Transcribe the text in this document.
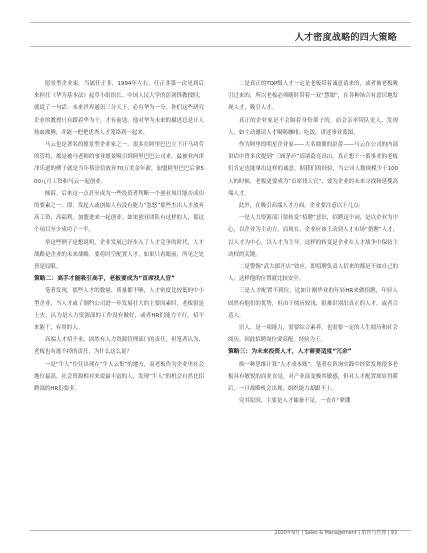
人才密度战略的四大策略

愿景型企业家。当属任正非，1994年左右，任正非第一次见到后来担任《华为基本法》起草小组组长、中国人民大学的彭剑锋教授时，就说了一句话：未来世界通讯三分天下，必有华为一分。你们这些研究企业的教授只有跟着华为干，才有前途。他对华为未来的描述总是让人热血沸腾，并能一把把优秀人才笼络到一起来。

马云也是著名的愿景型企业家之一。很多在阿里巴巴立下汗马功劳的管将，都是被马老师的事业愿景吸引到阿里巴巴公司来。最被业内津津乐道的例子就是当年蔡崇信放弃70万美金年薪，加盟阿里巴巴后拿500元月工资和马云一起创业。

倾诉。后来这一点甚至成为一些投资者判断一个创业项目能否成功的要素之一。即，发起人或创始人有没有能力“忽悠”那些杰出人才放弃高工资、高福利，加盟进来一起创业。如果创业团队有这样的人，那这个项目至少成功了一半。

举这些例子是想说明，企业发展已经步入了人才竞争的时代，人才战略是企业的未来战略，要将时空配置人才，如果只看眼前，所见之处皆是局限。

策略二：高手才能吸引高手，老板要成为“首席找人官”

笔者发现，那些人才的数量、质量都不够，人才密度比较低的中小型企业，当人才或了制约公司进一步发展壮大的主要因素时，老板很是上火，认为是人力资源部的工作没有做好，或者HR们能力不行，招不来能干、有用的人。

高端人才招不来，固然有人力资源管理部门的责任，但笔者认为，老板也有逃不掉的责任，为什么这么说？

一是“牛人”往往出现在“牛人云集”的地方，而老板作为企业里社会地位最高、社会资源相对来说最丰富的人，发现“牛人”的机会自然比招聘部的HR们要多。

二是真正的TOP级人才一定是老板带着诚意请来的，或者被老板吸引过来的，所以老板必须随时带着一双“慧眼”，在各种场合有意识地发现人才，吸引人才。

真正的企业家是不会隔着身份架子的，而会亲率带队见人、发现人，如主动邀请人才喝喝咖啡、吃饭，讲述事业蓝图。

作为阿里的明星企业家——大名鼎鼎的彭蕾——马云在公司的内部讲话中曾多次提到“三顾茅庐”请诸葛亮出山，真正想干一番事业的老板们肯定也能拿出这样的诚意。据我们的经验，当公司人数规模少于100人的时候，老板更要成为“首席找人官”，要为企业的未来寻找和延揽高端人才。

此外，在吸引高端人才方面，企业要注意以下几点：

一是人力资源部门要转变“招聘”意识，招聘这个词，是以企业为中心，以企业为主动方，而现在，企业应该主动到人才市场“猎聘”人才，以人才为中心，以人才为主导，这样的转变是企业在人才战争中保持主动权的关键。

二是警惕“武大郎开店”效应，即招聘负责人招来的都是不如自己的人，这样他的位置就比较安全。

三是人才配置不到位。比如让刚毕业的年轻HR来做招聘，年轻人固然有他们的优势，但由于阅历较浅，很难识别出真正的人才，或者合适人。

识人，是一项能力，需要综合素养，也需要一定的人生阅历和社会阅历。因此招聘岗位要高配，经验为王。

策略三：为未来投资人才，人才需要适度“冗余”

换一种思维计算“人才成本账”。笔者在咨询实践中经常发现很多老板具有敏锐的商业直觉，对产业演变极其敏感，但对人才配置却显得滞后，一旦战略机会出现，组织能力却跟不上。

究其原因，主要是人才储备不足，一直在“紧绷

2020年9月 | Sales & Management | 销售与管理 | 93
